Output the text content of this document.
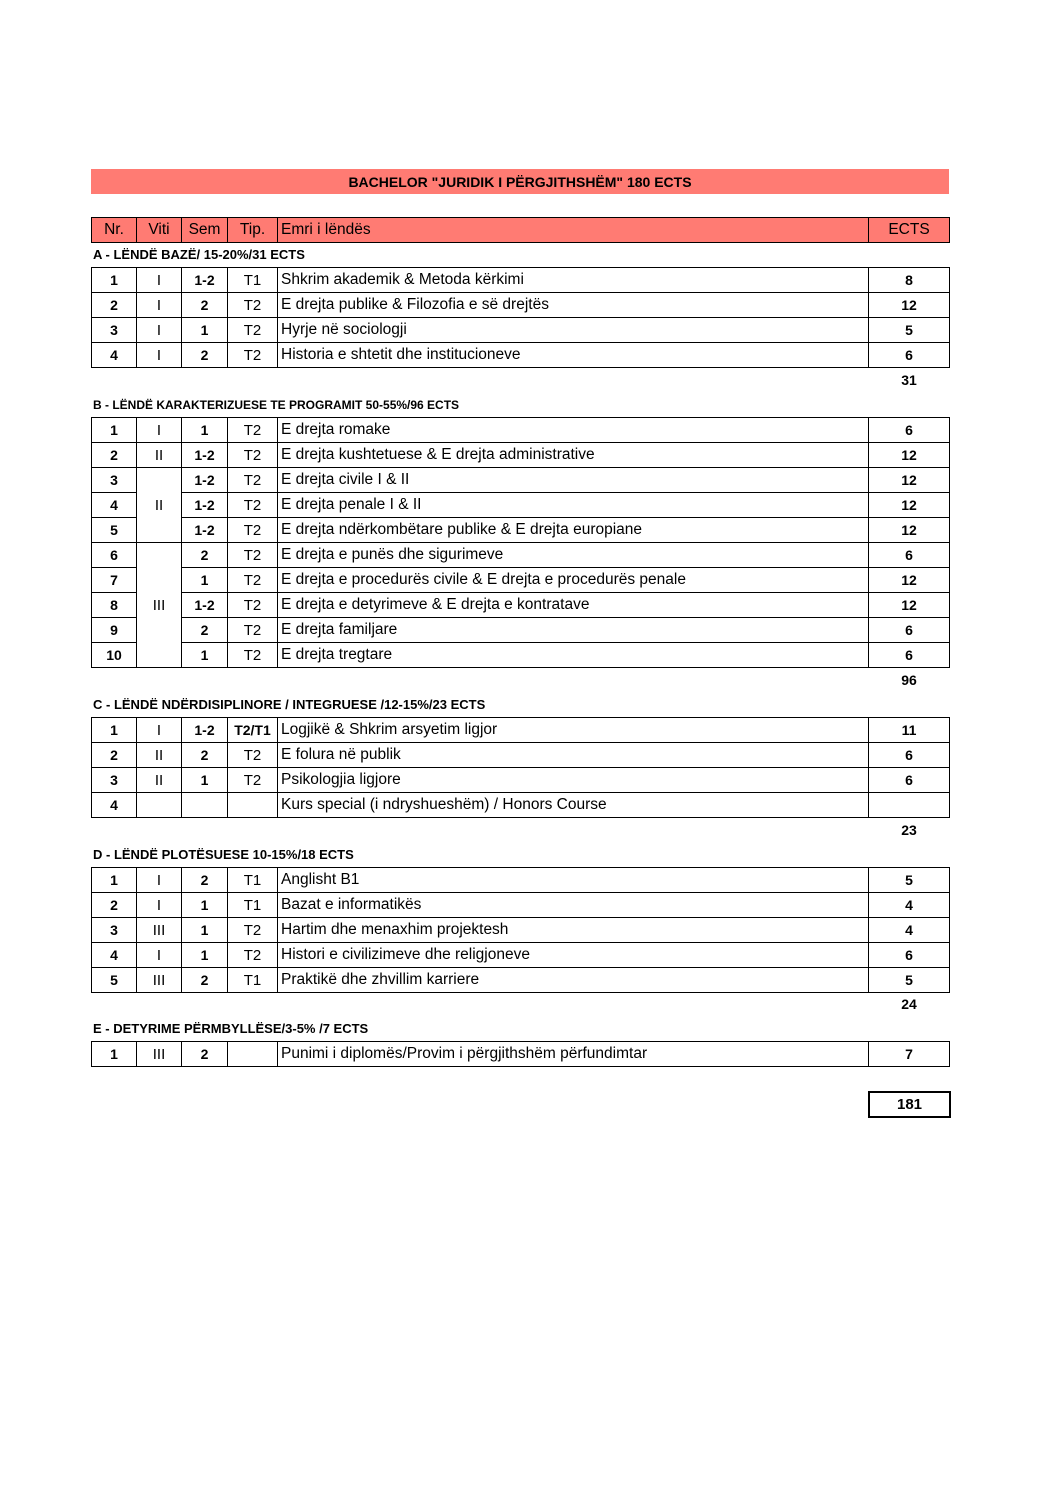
BACHELOR "JURIDIK I PËRGJITHSHËM" 180 ECTS
Nr.	Viti	Sem	Tip.	Emri i lëndës	ECTS
A - LËNDË BAZË/ 15-20%/31 ECTS
1	I	1-2	T1	Shkrim akademik & Metoda kërkimi	8
2	I	2	T2	E drejta publike & Filozofia e së drejtës	12
3	I	1	T2	Hyrje në sociologji	5
4	I	2	T2	Historia e shtetit dhe institucioneve	6
31
B - LËNDË KARAKTERIZUESE TE PROGRAMIT 50-55%/96 ECTS
1	I	1	T2	E drejta romake	6
2	II	1-2	T2	E drejta kushtetuese & E drejta administrative	12
3	II	1-2	T2	E drejta civile I & II	12
4		1-2	T2	E drejta penale I & II	12
5		1-2	T2	E drejta ndërkombëtare publike & E drejta europiane	12
6	III	2	T2	E drejta e punës dhe sigurimeve	6
7		1	T2	E drejta e procedurës civile & E drejta e procedurës penale	12
8		1-2	T2	E drejta e detyrimeve & E drejta e kontratave	12
9		2	T2	E drejta familjare	6
10		1	T2	E drejta tregtare	6
96
C - LËNDË NDËRDISIPLINORE / INTEGRUESE /12-15%/23 ECTS
1	I	1-2	T2/T1	Logjikë & Shkrim arsyetim ligjor	11
2	II	2	T2	E folura në publik	6
3	II	1	T2	Psikologjia ligjore	6
4				Kurs special (i ndryshueshëm) / Honors Course	
23
D - LËNDË PLOTËSUESE 10-15%/18 ECTS
1	I	2	T1	Anglisht B1	5
2	I	1	T1	Bazat e informatikës	4
3	III	1	T2	Hartim dhe menaxhim projektesh	4
4	I	1	T2	Histori e civilizimeve dhe religjoneve	6
5	III	2	T1	Praktikë dhe zhvillim karriere	5
24
E - DETYRIME PËRMBYLLËSE/3-5% /7 ECTS
1	III	2		Punimi i diplomës/Provim i përgjithshëm përfundimtar	7
181
